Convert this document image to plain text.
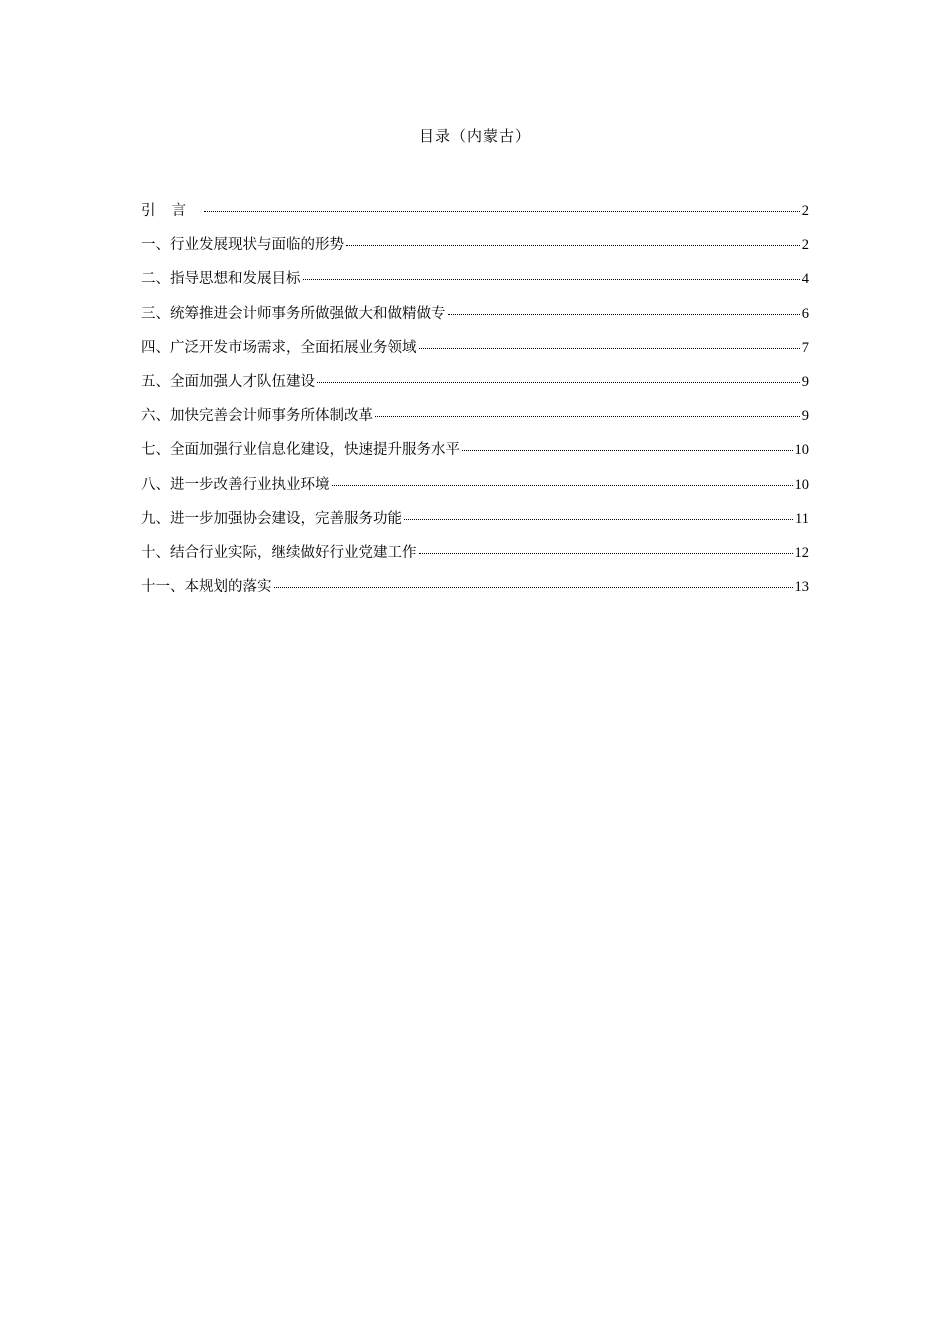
目录（内蒙古）
引言	2
一、行业发展现状与面临的形势	2
二、指导思想和发展目标	4
三、统筹推进会计师事务所做强做大和做精做专	6
四、广泛开发市场需求，全面拓展业务领域	7
五、全面加强人才队伍建设	9
六、加快完善会计师事务所体制改革	9
七、全面加强行业信息化建设，快速提升服务水平	10
八、进一步改善行业执业环境	10
九、进一步加强协会建设，完善服务功能	11
十、结合行业实际，继续做好行业党建工作	12
十一、本规划的落实	13
